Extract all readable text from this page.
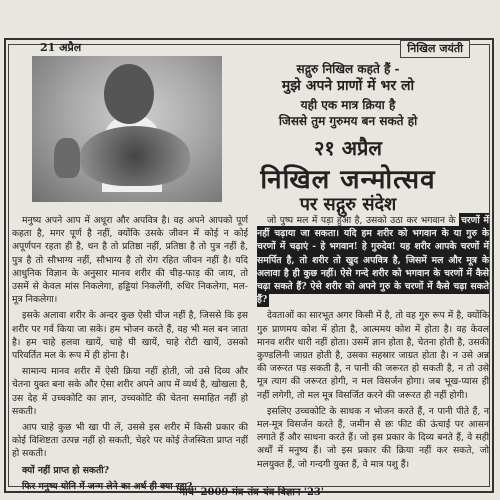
21 अप्रैल	निखिल जयंती
सद्गुरु निखिल कहते हैं -
मुझे अपने प्राणों में भर लो
यही एक मात्र क्रिया है
जिससे तुम गुरुमय बन सकते हो
२१ अप्रैल
निखिल जन्मोत्सव
पर सद्गुरु संदेश

मनुष्य अपने आप में अधूरा और अपवित्र है। वह अपने आपको पूर्ण कहता है, मगर पूर्ण है नहीं, क्योंकि उसके जीवन में कोई न कोई अपूर्णपन रहता ही है, धन है तो प्रतिष्ठा नहीं, प्रतिष्ठा है तो पुत्र नहीं है, पुत्र है तो सौभाग्य नहीं, सौभाग्य है तो रोग रहित जीवन नहीं है। यदि आधुनिक विज्ञान के अनुसार मानव शरीर की चीड़-फाड़ की जाय, तो उसमें से केवल मांस निकलेगा, हड्डियां निकलेंगी, रुधिर निकलेगा, मल-मूत्र निकलेगा।

इसके अलावा शरीर के अन्दर कुछ ऐसी चीज नहीं है, जिससे कि इस शरीर पर गर्व किया जा सके। हम भोजन करते हैं, वह भी मल बन जाता है। हम चाहे हलवा खायें, चाहे घी खायें, चाहे रोटी खायें, उसको परिवर्तित मल के रूप में ही होना है।

सामान्य मानव शरीर में ऐसी क्रिया नहीं होती, जो उसे दिव्य और चेतना युक्त बना सके और ऐसा शरीर अपने आप में व्यर्थ है, खोखला है, उस देह में उच्चकोटि का ज्ञान, उच्चकोटि की चेतना समाहित नहीं हो सकती।

आप चाहे कुछ भी खा पी लें, उससे इस शरीर में किसी प्रकार की कोई विशिष्टता उत्पन्न नहीं हो सकती, चेहरे पर कोई तेजस्विता प्राप्त नहीं हो सकती।

क्यों नहीं प्राप्त हो सकती?
फिर मनुष्य योनि में जन्म लेने का अर्थ ही क्या रहा?

जो पुष्प मल में पड़ा हुआ है, उसको उठा कर भगवान के चरणों में नहीं चढ़ाया जा सकता। यदि हम शरीर को भगवान के या गुरु के चरणों में चढ़ाएं - हे भगवान! हे गुरुदेव! यह शरीर आपके चरणों में समर्पित है, तो शरीर तो खुद अपवित्र है, जिसमें मल और मूत्र के अलावा है ही कुछ नहीं। ऐसे गन्दे शरीर को भगवान के चरणों में कैसे चढ़ा सकते हैं? ऐसे शरीर को अपने गुरु के चरणों में कैसे चढ़ा सकते हैं?

देवताओं का सारभूत अगर किसी में है, तो वह गुरु रूप में है, क्योंकि गुरु प्राणमय कोश में होता है, आत्ममय कोश में होता है। वह केवल मानव शरीर धारी नहीं होता। उसमें ज्ञान होता है, चेतना होती है, उसकी कुण्डलिनी जाग्रत होती है, उसका सहस्रार जाग्रत होता है। न उसे अन्न की जरूरत पड़ सकती है, न पानी की जरूरत हो सकती है, न तो उसे मूत्र त्याग की जरूरत होगी, न मल विसर्जन होगा। जब भूख-प्यास ही नहीं लगेगी, तो मल मूत्र विसर्जित करने की जरूरत ही नहीं होगी।

इसलिए उच्चकोटि के साधक न भोजन करते हैं, न पानी पीते हैं, न मल-मूत्र विसर्जन करते हैं, जमीन से छः फीट की ऊंचाई पर आसन लगाते हैं और साधना करते हैं। जो इस प्रकार के दिव्य बनते हैं, वे सही अर्थों में मनुष्य हैं। जो इस प्रकार की क्रिया नहीं कर सकते, जो मलयुक्त हैं, जो गन्दगी युक्त हैं, वे मात्र पशु हैं।

'मार्च' 2009 मंत्र-तंत्र-यंत्र विज्ञान '23'
